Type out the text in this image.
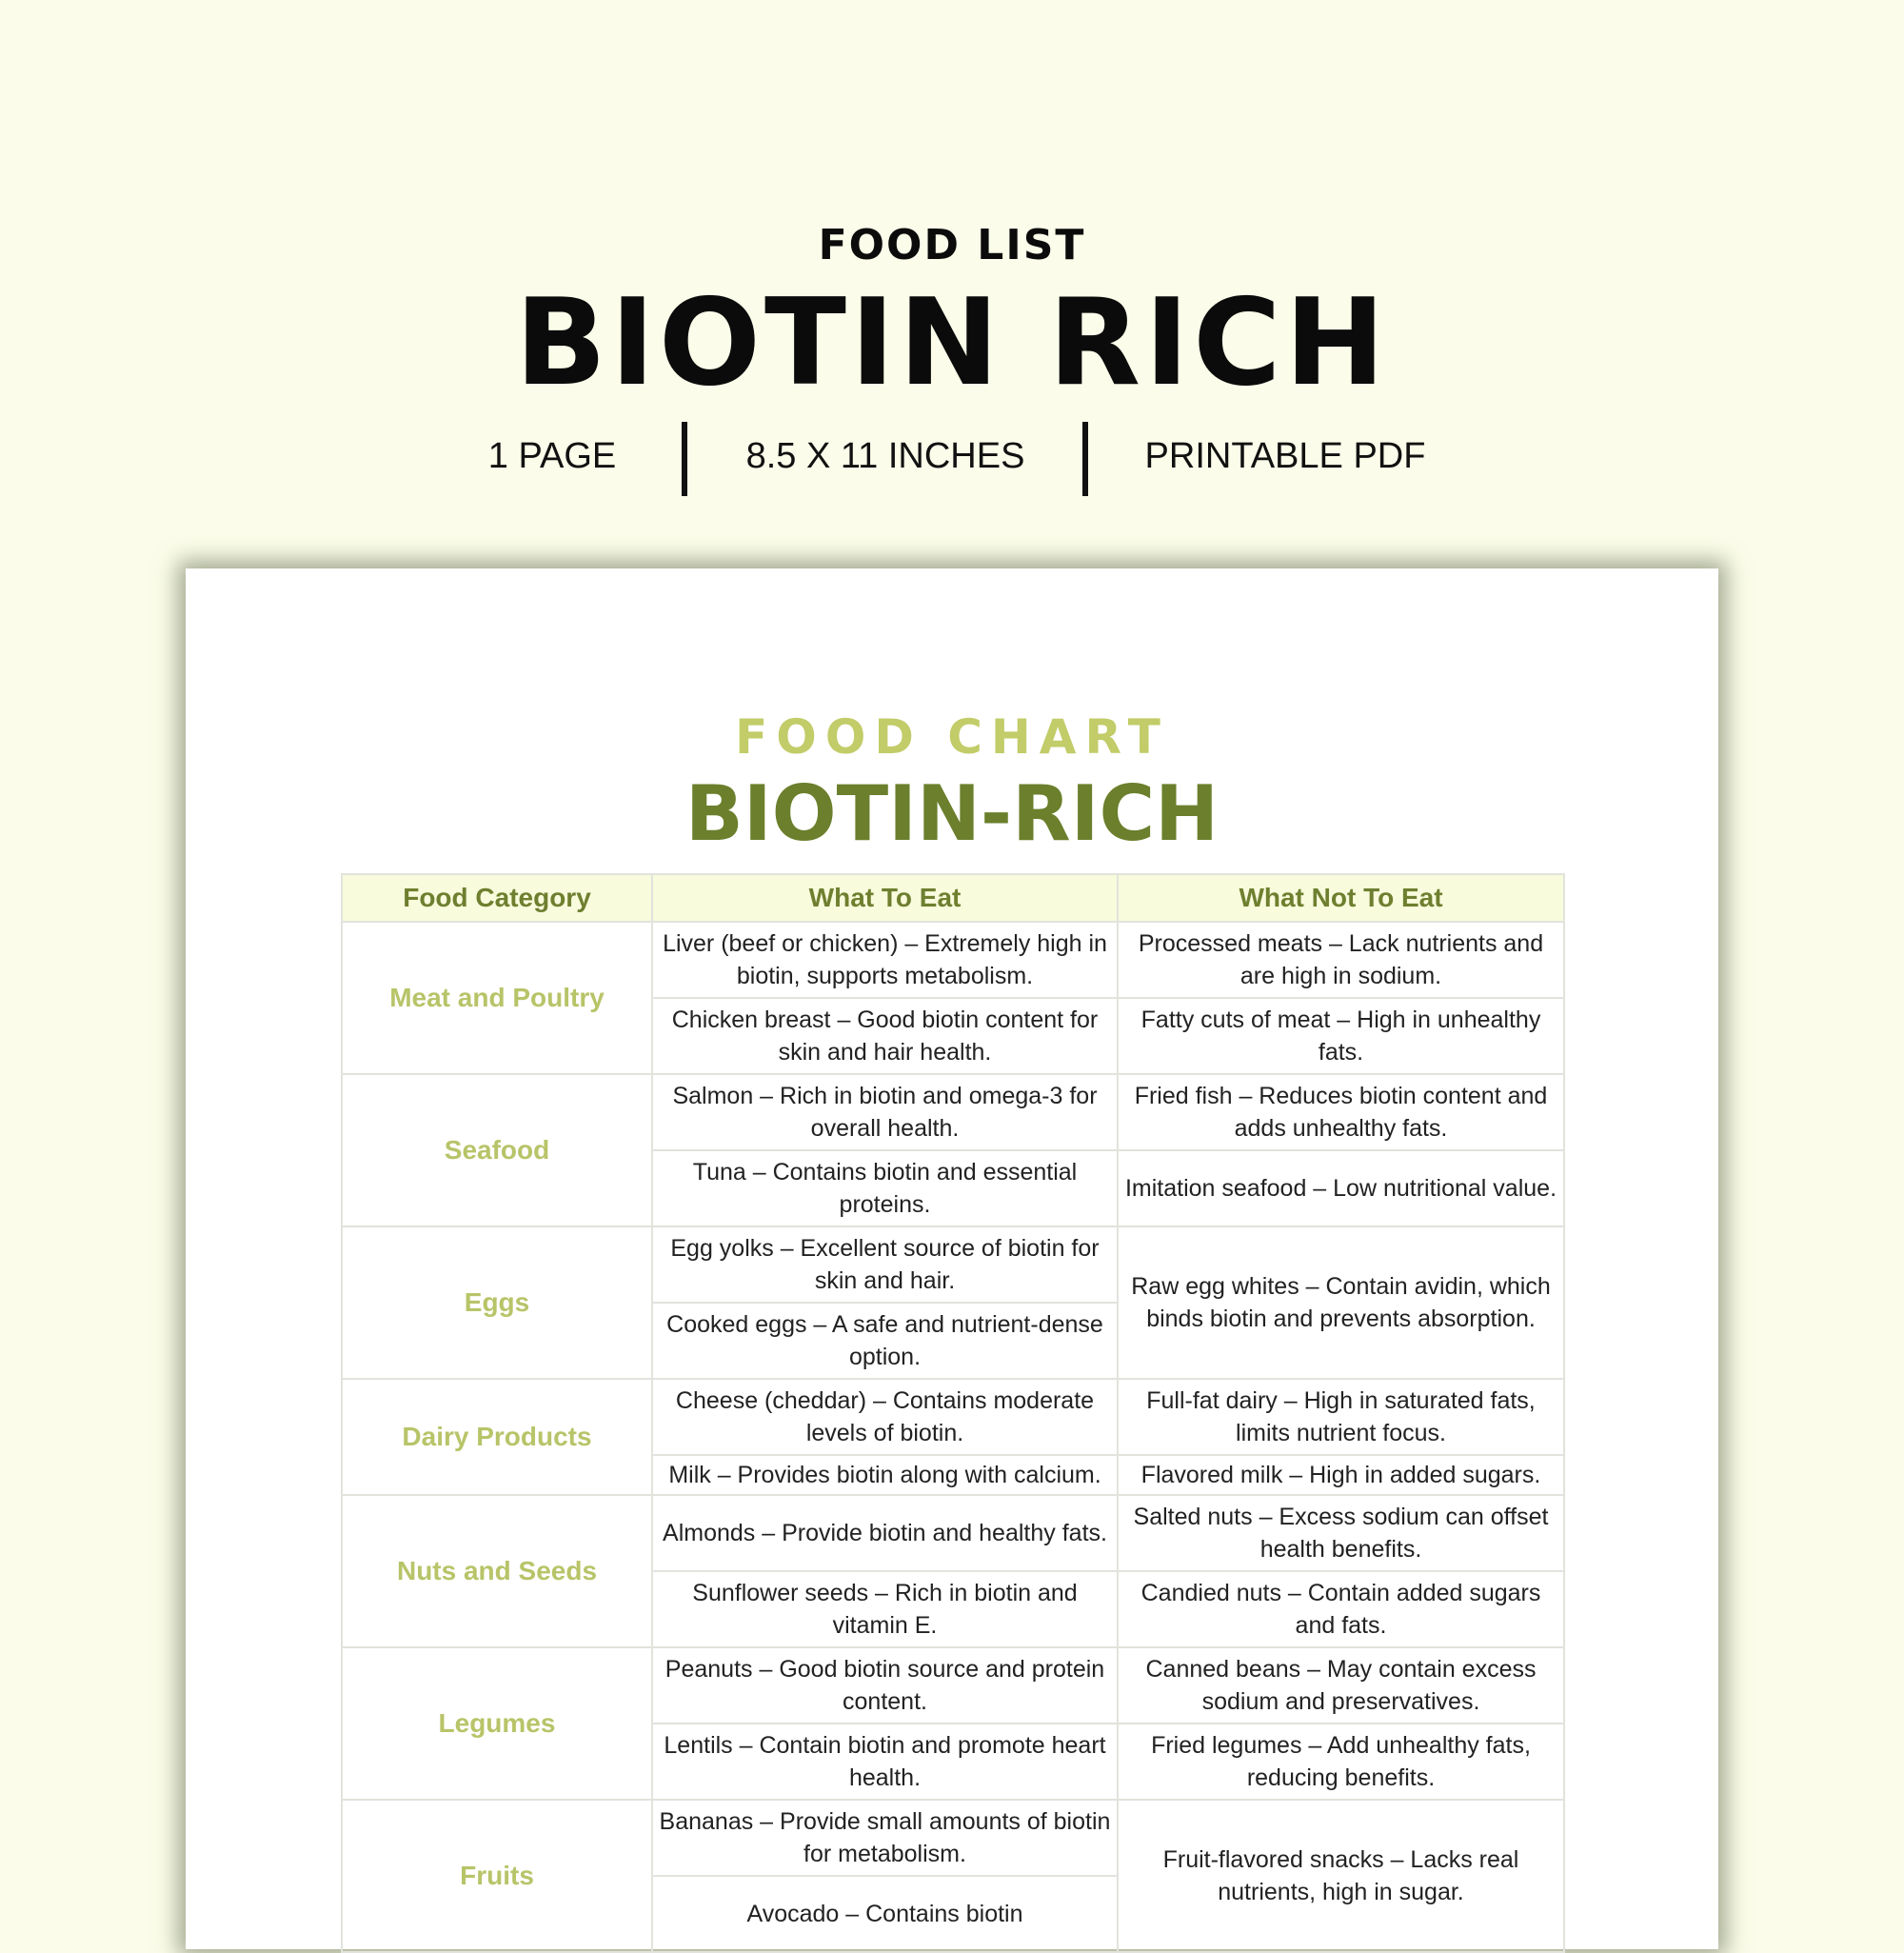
FOOD LIST
BIOTIN RICH
1 PAGE	8.5 X 11 INCHES	PRINTABLE PDF
FOOD CHART
BIOTIN-RICH
Food Category	What To Eat	What Not To Eat
Meat and Poultry	Liver (beef or chicken) – Extremely high in biotin, supports metabolism.	Processed meats – Lack nutrients and are high in sodium.
	Chicken breast – Good biotin content for skin and hair health.	Fatty cuts of meat – High in unhealthy fats.
Seafood	Salmon – Rich in biotin and omega-3 for overall health.	Fried fish – Reduces biotin content and adds unhealthy fats.
	Tuna – Contains biotin and essential proteins.	Imitation seafood – Low nutritional value.
Eggs	Egg yolks – Excellent source of biotin for skin and hair.	Raw egg whites – Contain avidin, which binds biotin and prevents absorption.
	Cooked eggs – A safe and nutrient-dense option.	
Dairy Products	Cheese (cheddar) – Contains moderate levels of biotin.	Full-fat dairy – High in saturated fats, limits nutrient focus.
	Milk – Provides biotin along with calcium.	Flavored milk – High in added sugars.
Nuts and Seeds	Almonds – Provide biotin and healthy fats.	Salted nuts – Excess sodium can offset health benefits.
	Sunflower seeds – Rich in biotin and vitamin E.	Candied nuts – Contain added sugars and fats.
Legumes	Peanuts – Good biotin source and protein content.	Canned beans – May contain excess sodium and preservatives.
	Lentils – Contain biotin and promote heart health.	Fried legumes – Add unhealthy fats, reducing benefits.
Fruits	Bananas – Provide small amounts of biotin for metabolism.	Fruit-flavored snacks – Lacks real nutrients, high in sugar.
	Avocado – Contains biotin	
